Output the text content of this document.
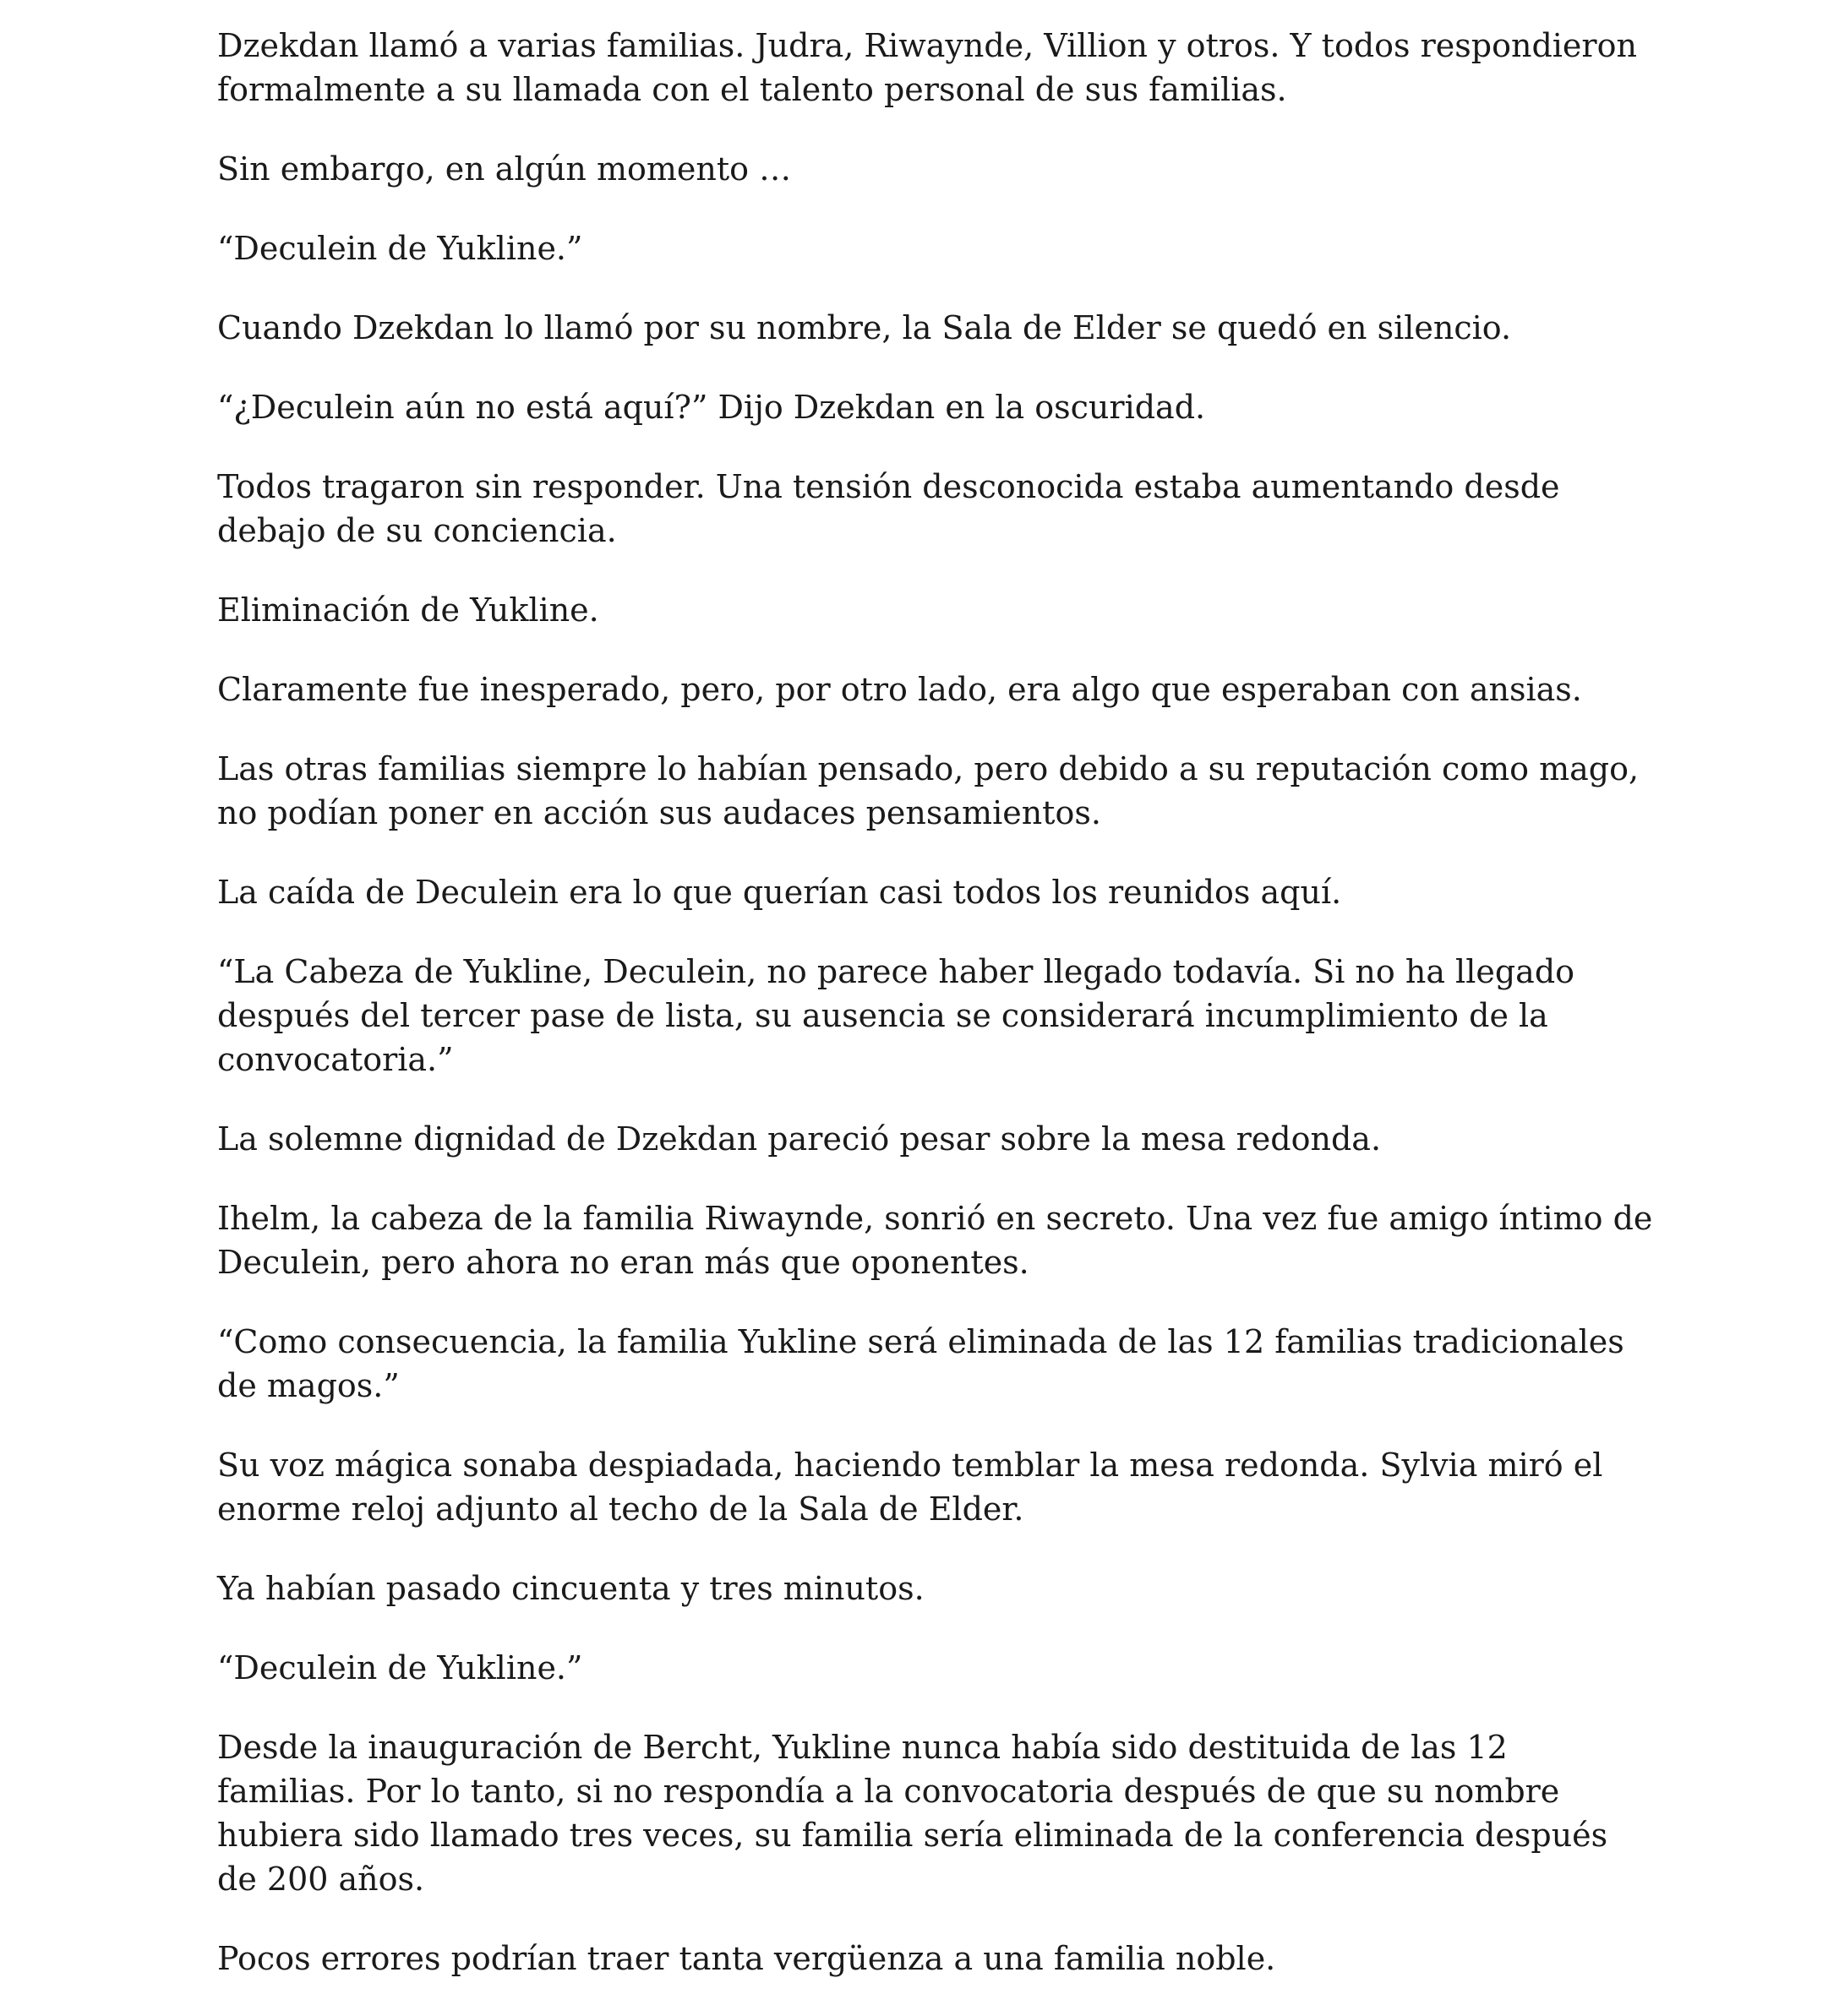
Dzekdan llamó a varias familias. Judra, Riwaynde, Villion y otros. Y todos respondieron formalmente a su llamada con el talento personal de sus familias.

Sin embargo, en algún momento …

“Deculein de Yukline.”

Cuando Dzekdan lo llamó por su nombre, la Sala de Elder se quedó en silencio.

“¿Deculein aún no está aquí?” Dijo Dzekdan en la oscuridad.

Todos tragaron sin responder. Una tensión desconocida estaba aumentando desde debajo de su conciencia.

Eliminación de Yukline.

Claramente fue inesperado, pero, por otro lado, era algo que esperaban con ansias.

Las otras familias siempre lo habían pensado, pero debido a su reputación como mago, no podían poner en acción sus audaces pensamientos.

La caída de Deculein era lo que querían casi todos los reunidos aquí.

“La Cabeza de Yukline, Deculein, no parece haber llegado todavía. Si no ha llegado después del tercer pase de lista, su ausencia se considerará incumplimiento de la convocatoria.”

La solemne dignidad de Dzekdan pareció pesar sobre la mesa redonda.

Ihelm, la cabeza de la familia Riwaynde, sonrió en secreto. Una vez fue amigo íntimo de Deculein, pero ahora no eran más que oponentes.

“Como consecuencia, la familia Yukline será eliminada de las 12 familias tradicionales de magos.”

Su voz mágica sonaba despiadada, haciendo temblar la mesa redonda. Sylvia miró el enorme reloj adjunto al techo de la Sala de Elder.

Ya habían pasado cincuenta y tres minutos.

“Deculein de Yukline.”

Desde la inauguración de Bercht, Yukline nunca había sido destituida de las 12 familias. Por lo tanto, si no respondía a la convocatoria después de que su nombre hubiera sido llamado tres veces, su familia sería eliminada de la conferencia después de 200 años.

Pocos errores podrían traer tanta vergüenza a una familia noble.
